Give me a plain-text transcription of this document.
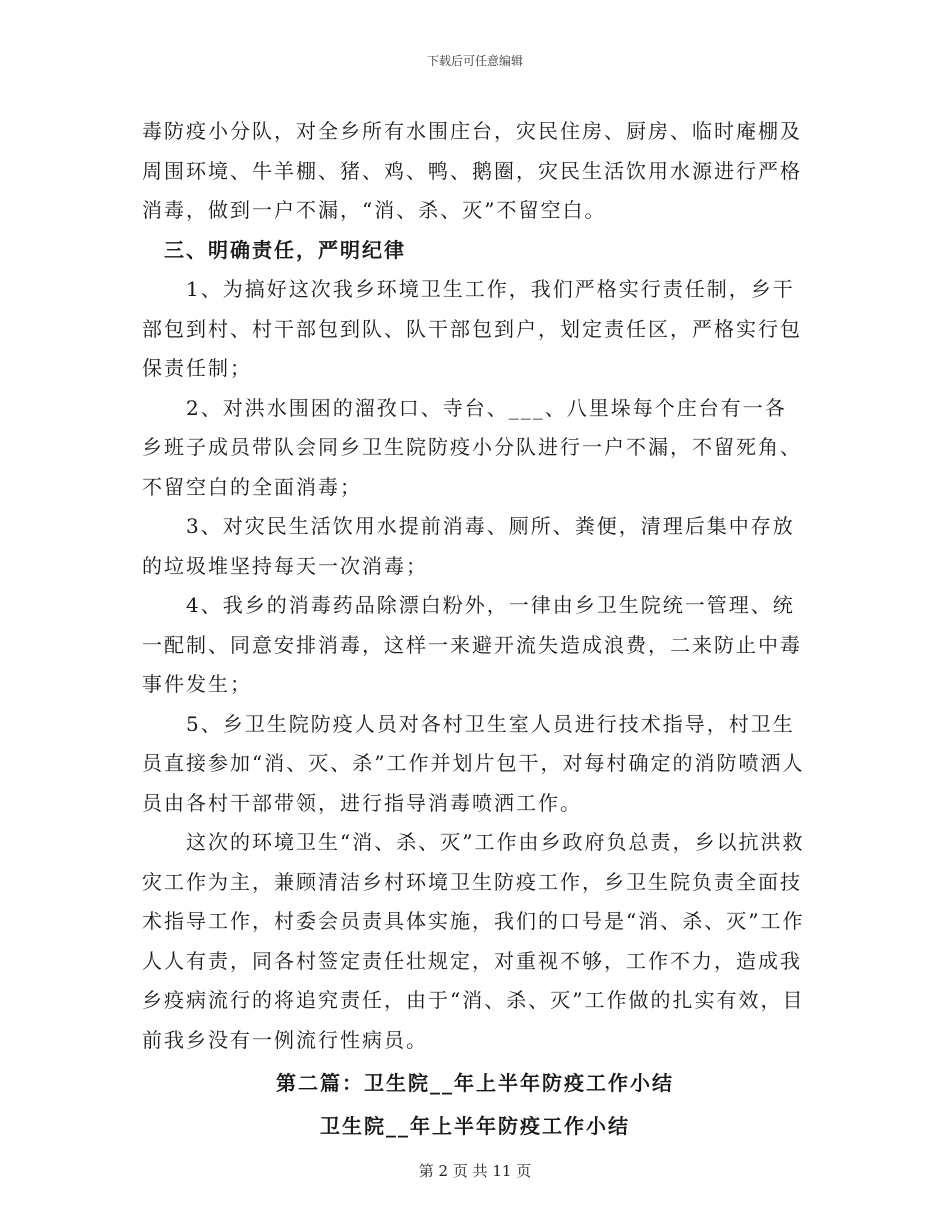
下载后可任意编辑

毒防疫小分队，对全乡所有水围庄台，灾民住房、厨房、临时庵棚及周围环境、牛羊棚、猪、鸡、鸭、鹅圈，灾民生活饮用水源进行严格消毒，做到一户不漏，“消、杀、灭”不留空白。

三、明确责任，严明纪律

1、为搞好这次我乡环境卫生工作，我们严格实行责任制，乡干部包到村、村干部包到队、队干部包到户，划定责任区，严格实行包保责任制；

2、对洪水围困的溜孜口、寺台、___、八里垛每个庄台有一各乡班子成员带队会同乡卫生院防疫小分队进行一户不漏，不留死角、不留空白的全面消毒；

3、对灾民生活饮用水提前消毒、厕所、粪便，清理后集中存放的垃圾堆坚持每天一次消毒；

4、我乡的消毒药品除漂白粉外，一律由乡卫生院统一管理、统一配制、同意安排消毒，这样一来避开流失造成浪费，二来防止中毒事件发生；

5、乡卫生院防疫人员对各村卫生室人员进行技术指导，村卫生员直接参加“消、灭、杀”工作并划片包干，对每村确定的消防喷洒人员由各村干部带领，进行指导消毒喷洒工作。

这次的环境卫生“消、杀、灭”工作由乡政府负总责，乡以抗洪救灾工作为主，兼顾清洁乡村环境卫生防疫工作，乡卫生院负责全面技术指导工作，村委会员责具体实施，我们的口号是“消、杀、灭”工作人人有责，同各村签定责任壮规定，对重视不够，工作不力，造成我乡疫病流行的将追究责任，由于“消、杀、灭”工作做的扎实有效，目前我乡没有一例流行性病员。

第二篇：卫生院__年上半年防疫工作小结

卫生院__年上半年防疫工作小结

第 2 页 共 11 页
